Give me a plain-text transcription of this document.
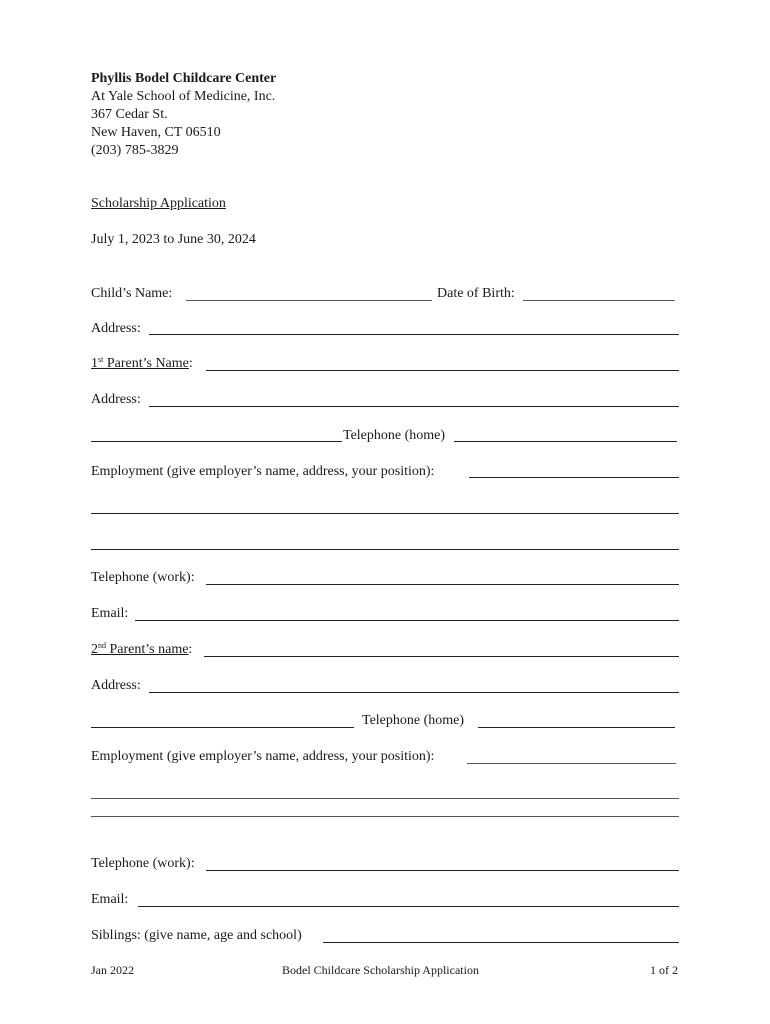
Phyllis Bodel Childcare Center
At Yale School of Medicine, Inc.
367 Cedar St.
New Haven, CT 06510
(203) 785-3829
Scholarship Application
July 1, 2023 to June 30, 2024
Child’s Name:	Date of Birth:
Address:
1st Parent’s Name:
Address:
Telephone (home)
Employment (give employer’s name, address, your position):
Telephone (work):
Email:
2nd Parent’s name:
Address:
Telephone (home)
Employment (give employer’s name, address, your position):
Telephone (work):
Email:
Siblings: (give name, age and school)
Jan 2022	Bodel Childcare Scholarship Application	1 of 2
